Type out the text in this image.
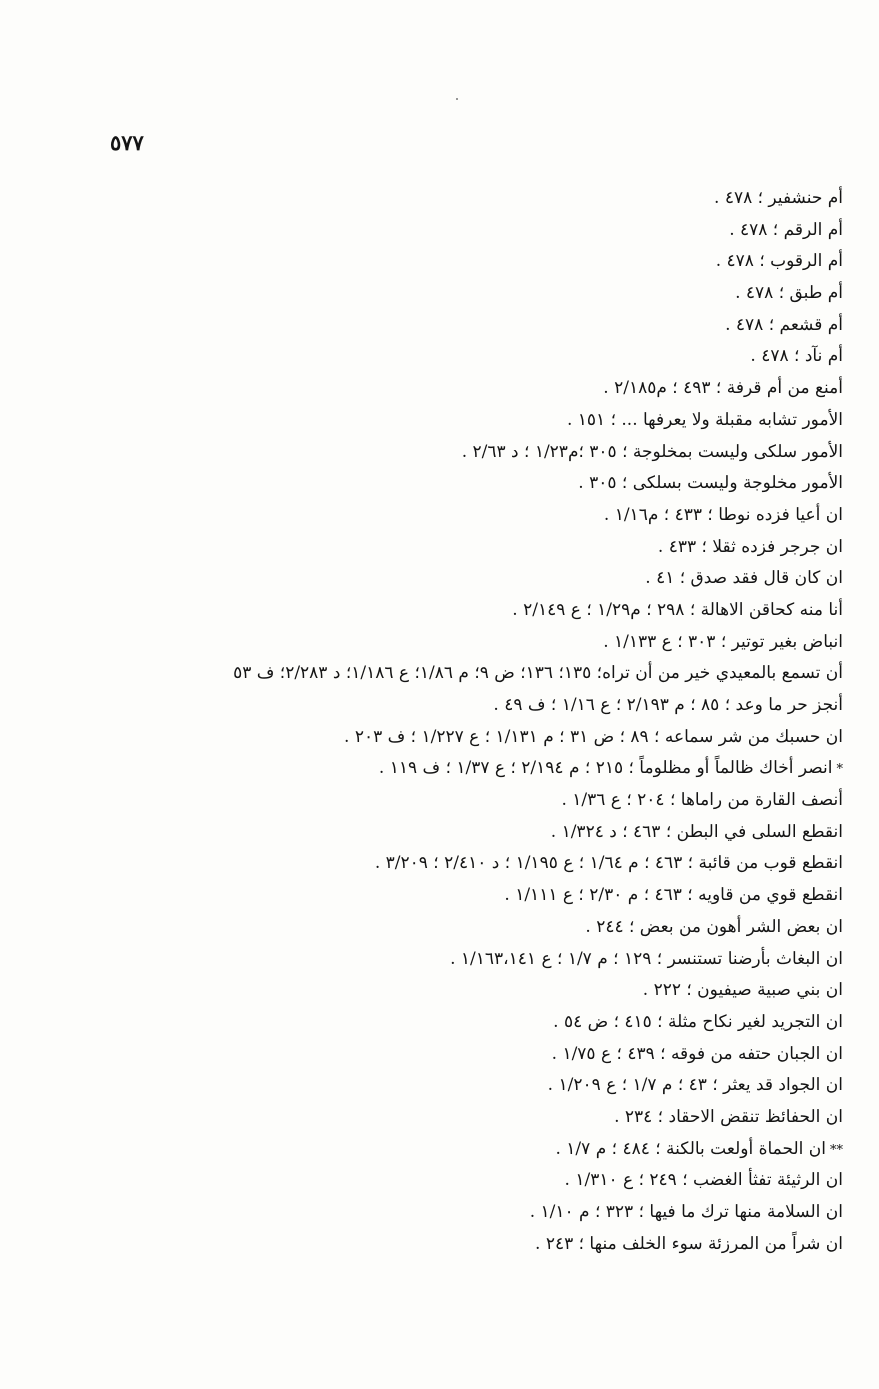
٥٧٧
أم حنشفير ؛ ٤٧٨ .
أم الرقم ؛ ٤٧٨ .
أم الرقوب ؛ ٤٧٨ .
أم طبق ؛ ٤٧٨ .
أم قشعم ؛ ٤٧٨ .
أم نآد ؛ ٤٧٨ .
أمنع من أم قرفة ؛ ٤٩٣ ؛ م٢/١٨٥ .
الأمور تشابه مقبلة ولا يعرفها ... ؛ ١٥١ .
الأمور سلكى وليست بمخلوجة ؛ ٣٠٥ ؛م١/٢٣ ؛ د ٢/٦٣ .
الأمور مخلوجة وليست بسلكى ؛ ٣٠٥ .
ان أعيا فزده نوطا ؛ ٤٣٣ ؛ م١/١٦ .
ان جرجر فزده ثقلا ؛ ٤٣٣ .
ان كان قال فقد صدق ؛ ٤١ .
أنا منه كحاقن الاهالة ؛ ٢٩٨ ؛ م١/٢٩ ؛ ع ٢/١٤٩ .
انباض بغير توتير ؛ ٣٠٣ ؛ ع ١/١٣٣ .
أن تسمع بالمعيدي خير من أن تراه؛ ١٣٥؛ ١٣٦؛ ض ٩؛ م ١/٨٦؛ ع ١/١٨٦؛ د ٢/٢٨٣؛ ف ٥٣
أنجز حر ما وعد ؛ ٨٥ ؛ م ٢/١٩٣ ؛ ع ١/١٦ ؛ ف ٤٩ .
ان حسبك من شر سماعه ؛ ٨٩ ؛ ض ٣١ ؛ م ١/١٣١ ؛ ع ١/٢٢٧ ؛ ف ٢٠٣ .
*انصر أخاك ظالماً أو مظلوماً ؛ ٢١٥ ؛ م ٢/١٩٤ ؛ ع ١/٣٧ ؛ ف ١١٩ .
أنصف القارة من راماها ؛ ٢٠٤ ؛ ع ١/٣٦ .
انقطع السلى في البطن ؛ ٤٦٣ ؛ د ١/٣٢٤ .
انقطع قوب من قائبة ؛ ٤٦٣ ؛ م ١/٦٤ ؛ ع ١/١٩٥ ؛ د ٢/٤١٠ ؛ ٣/٢٠٩ .
انقطع قوي من قاويه ؛ ٤٦٣ ؛ م ٢/٣٠ ؛ ع ١/١١١ .
ان بعض الشر أهون من بعض ؛ ٢٤٤ .
ان البغاث بأرضنا تستنسر ؛ ١٢٩ ؛ م ١/٧ ؛ ع ١/١٦٣،١٤١ .
ان بني صبية صيفيون ؛ ٢٢٢ .
ان التجريد لغير نكاح مثلة ؛ ٤١٥ ؛ ض ٥٤ .
ان الجبان حتفه من فوقه ؛ ٤٣٩ ؛ ع ١/٧٥ .
ان الجواد قد يعثر ؛ ٤٣ ؛ م ١/٧ ؛ ع ١/٢٠٩ .
ان الحفائظ تنقض الاحقاد ؛ ٢٣٤ .
**ان الحماة أولعت بالكنة ؛ ٤٨٤ ؛ م ١/٧ .
ان الرثيئة تفثأ الغضب ؛ ٢٤٩ ؛ ع ١/٣١٠ .
ان السلامة منها ترك ما فيها ؛ ٣٢٣ ؛ م ١/١٠ .
ان شراً من المرزئة سوء الخلف منها ؛ ٢٤٣ .
